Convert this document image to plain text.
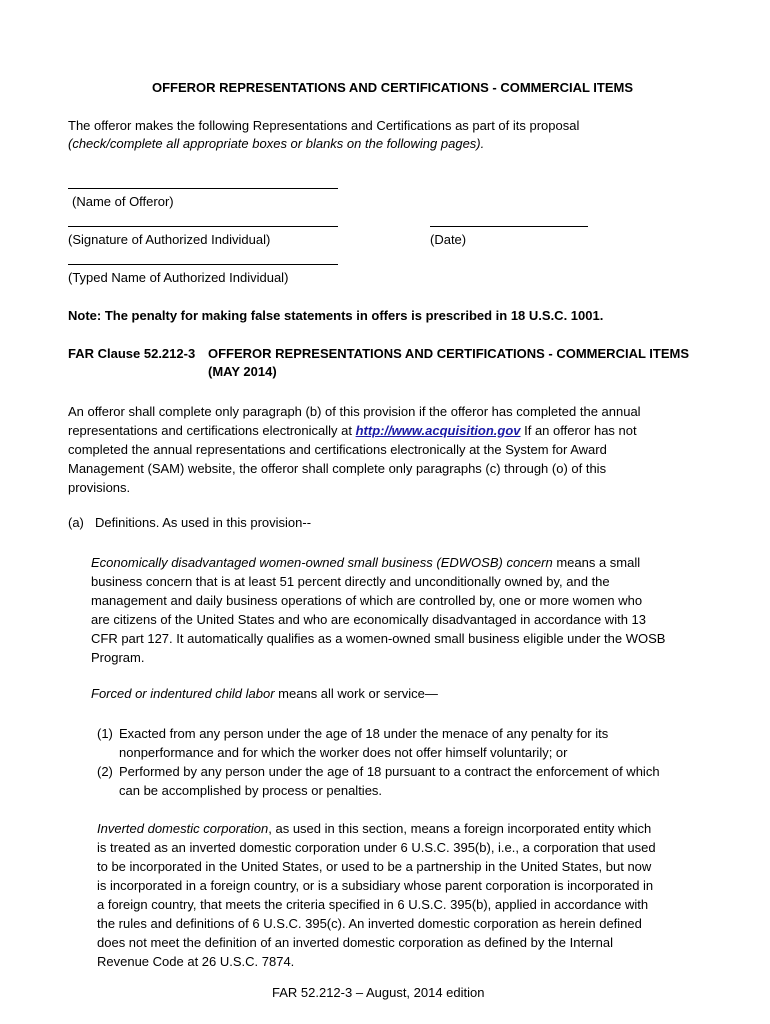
OFFEROR REPRESENTATIONS AND CERTIFICATIONS - COMMERCIAL ITEMS
The offeror makes the following Representations and Certifications as part of its proposal
(check/complete all appropriate boxes or blanks on the following pages).
(Name of Offeror)
(Signature of Authorized Individual)	(Date)
(Typed Name of Authorized Individual)
Note: The penalty for making false statements in offers is prescribed in 18 U.S.C. 1001.
FAR Clause 52.212-3 OFFEROR REPRESENTATIONS AND CERTIFICATIONS - COMMERCIAL ITEMS
(MAY 2014)
An offeror shall complete only paragraph (b) of this provision if the offeror has completed the annual
representations and certifications electronically at http://www.acquisition.gov If an offeror has not
completed the annual representations and certifications electronically at the System for Award
Management (SAM) website, the offeror shall complete only paragraphs (c) through (o) of this
provisions.
(a) Definitions. As used in this provision--
Economically disadvantaged women-owned small business (EDWOSB) concern means a small
business concern that is at least 51 percent directly and unconditionally owned by, and the
management and daily business operations of which are controlled by, one or more women who
are citizens of the United States and who are economically disadvantaged in accordance with 13
CFR part 127. It automatically qualifies as a women-owned small business eligible under the WOSB
Program.
Forced or indentured child labor means all work or service—
(1) Exacted from any person under the age of 18 under the menace of any penalty for its
nonperformance and for which the worker does not offer himself voluntarily; or
(2) Performed by any person under the age of 18 pursuant to a contract the enforcement of which
can be accomplished by process or penalties.
Inverted domestic corporation, as used in this section, means a foreign incorporated entity which
is treated as an inverted domestic corporation under 6 U.S.C. 395(b), i.e., a corporation that used
to be incorporated in the United States, or used to be a partnership in the United States, but now
is incorporated in a foreign country, or is a subsidiary whose parent corporation is incorporated in
a foreign country, that meets the criteria specified in 6 U.S.C. 395(b), applied in accordance with
the rules and definitions of 6 U.S.C. 395(c). An inverted domestic corporation as herein defined
does not meet the definition of an inverted domestic corporation as defined by the Internal
Revenue Code at 26 U.S.C. 7874.
FAR 52.212-3 – August, 2014 edition
